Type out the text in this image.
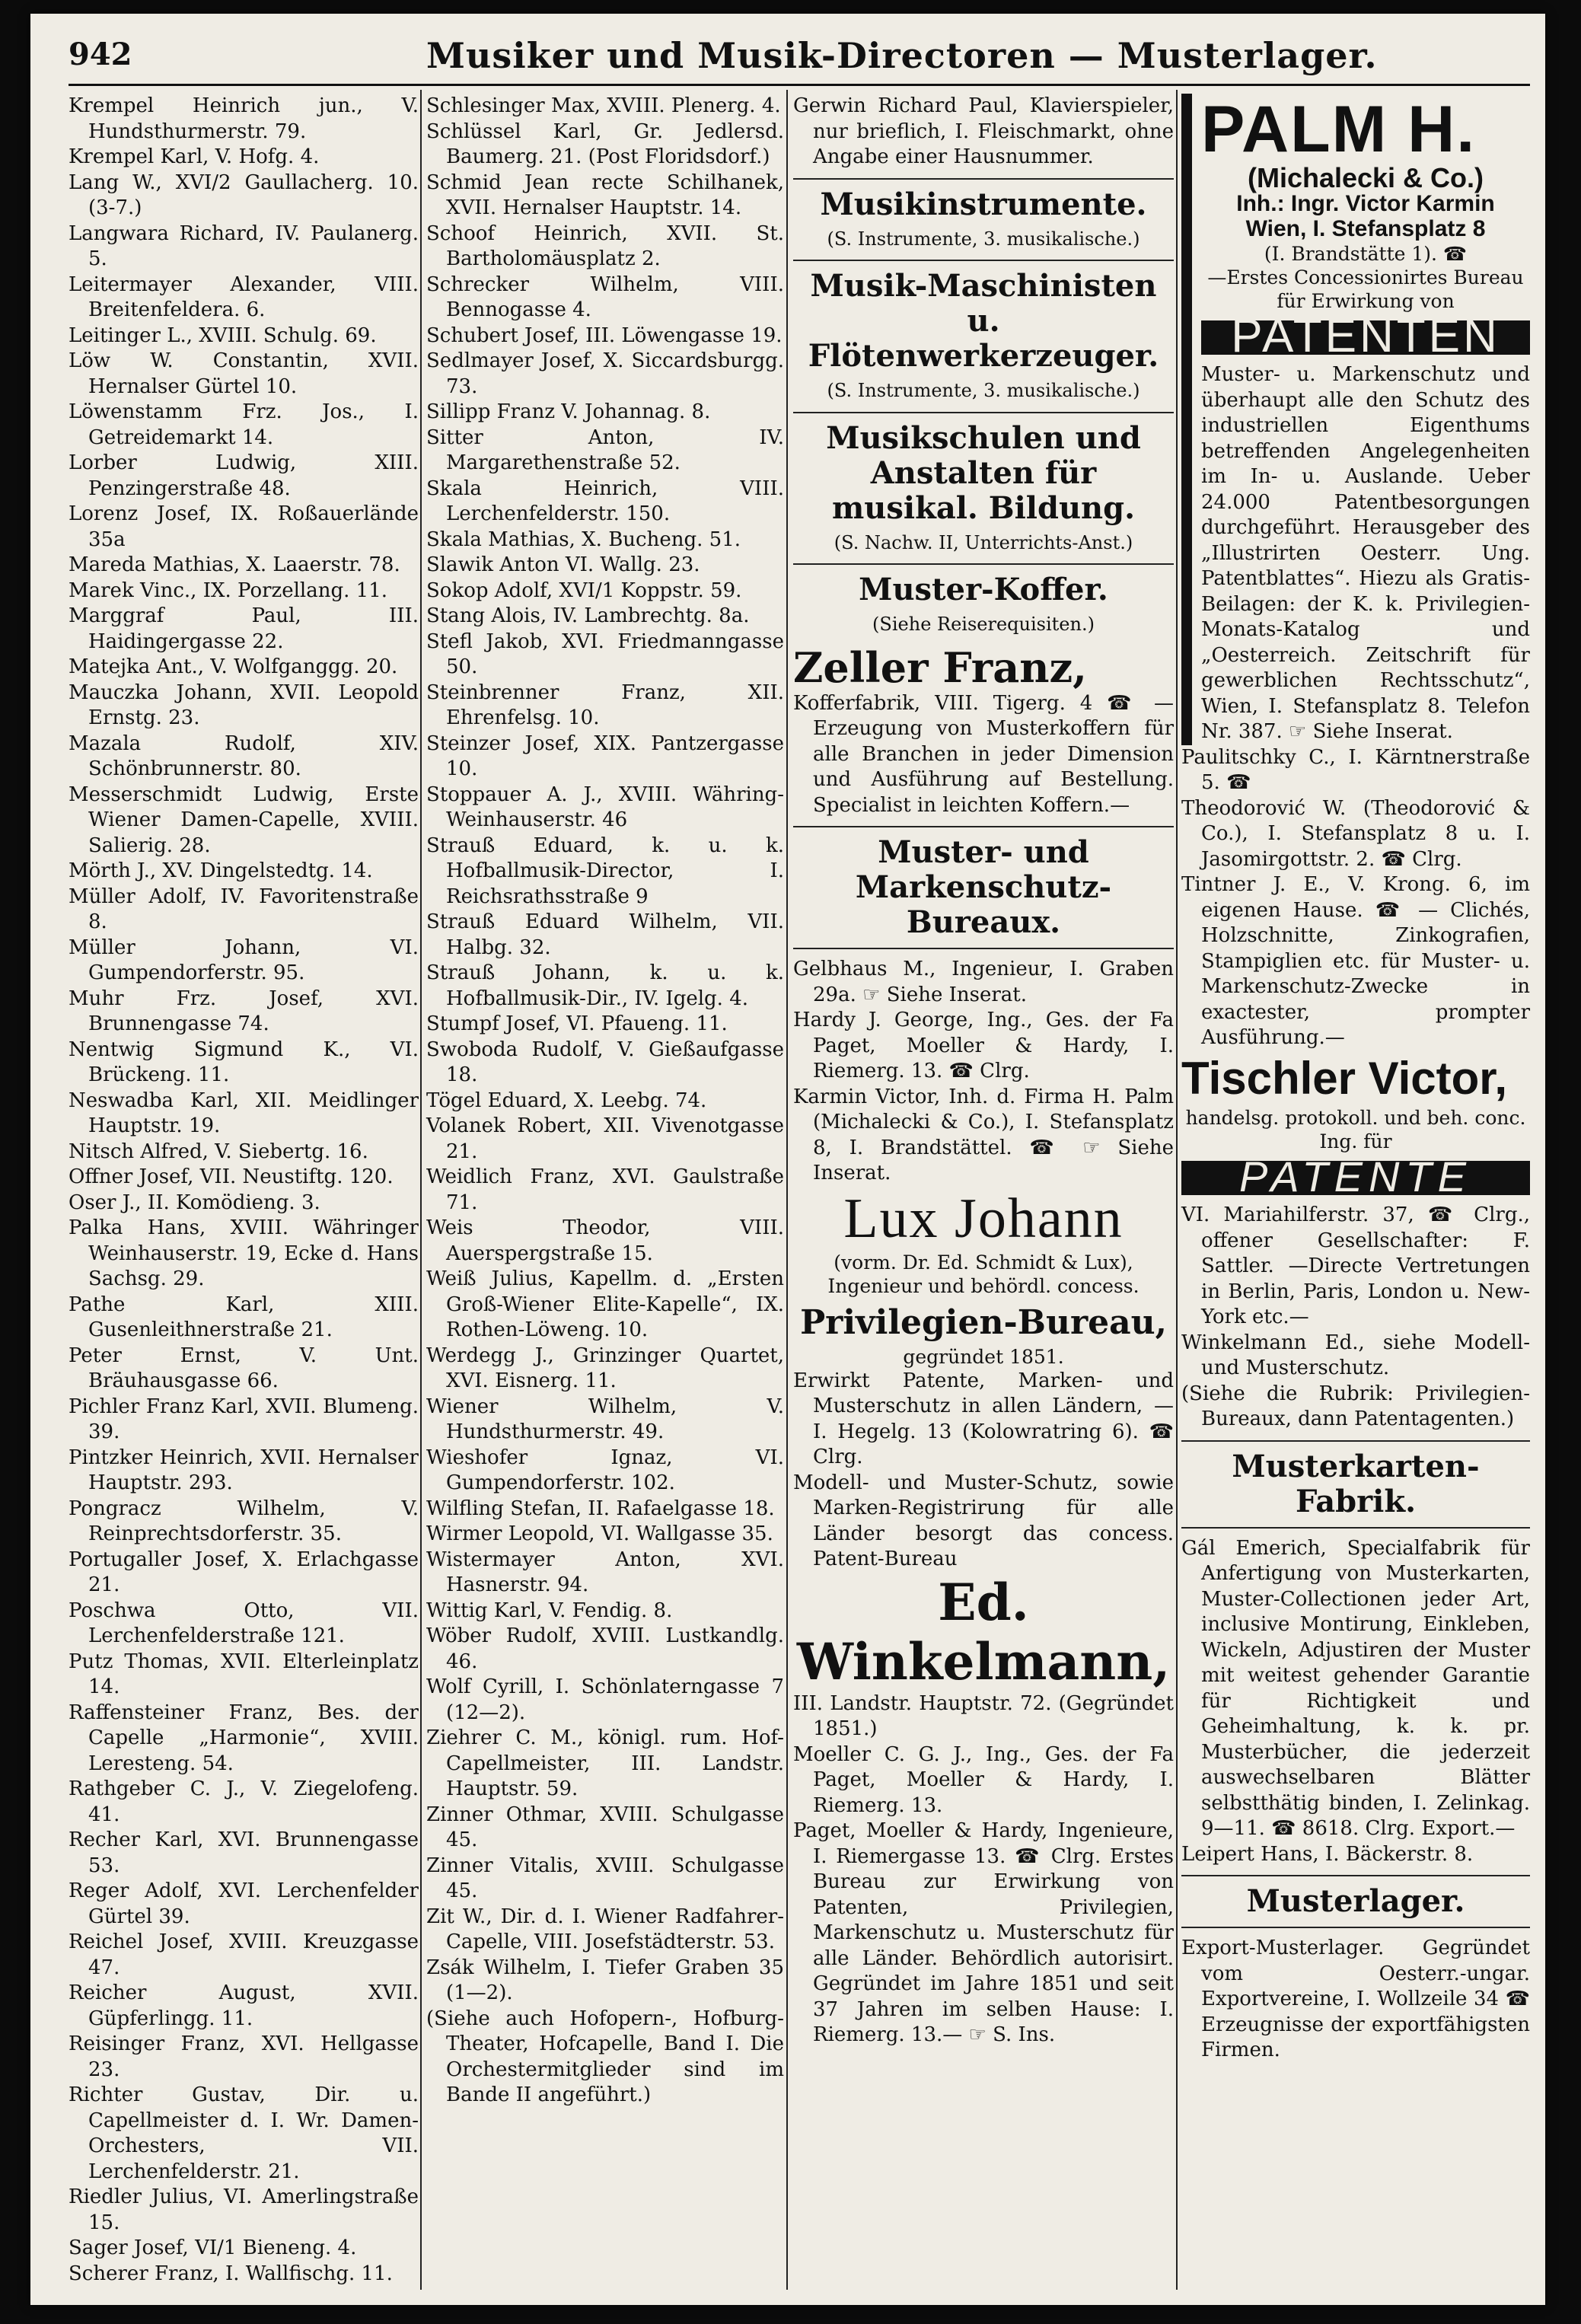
942	Musiker und Musik-Directoren — Musterlager.

Krempel Heinrich jun., V. Hundsthurmerstr. 79.

Krempel Karl, V. Hofg. 4.

Lang W., XVI/2 Gaullacherg. 10. (3-7.)

Langwara Richard, IV. Paulanerg. 5.

Leitermayer Alexander, VIII. Breitenfeldera. 6.

Leitinger L., XVIII. Schulg. 69.

Löw W. Constantin, XVII. Hernalser Gürtel 10.

Löwenstamm Frz. Jos., I. Getreidemarkt 14.

Lorber Ludwig, XIII. Penzingerstraße 48.

Lorenz Josef, IX. Roßauerlände 35a

Mareda Mathias, X. Laaerstr. 78.

Marek Vinc., IX. Porzellang. 11.

Marggraf Paul, III. Haidingergasse 22.

Matejka Ant., V. Wolfganggg. 20.

Mauczka Johann, XVII. Leopold Ernstg. 23.

Mazala Rudolf, XIV. Schönbrunnerstr. 80.

Messerschmidt Ludwig, Erste Wiener Damen-Capelle, XVIII. Salierig. 28.

Mörth J., XV. Dingelstedtg. 14.

Müller Adolf, IV. Favoritenstraße 8.

Müller Johann, VI. Gumpendorferstr. 95.

Muhr Frz. Josef, XVI. Brunnengasse 74.

Nentwig Sigmund K., VI. Brückeng. 11.

Neswadba Karl, XII. Meidlinger Hauptstr. 19.

Nitsch Alfred, V. Siebertg. 16.

Offner Josef, VII. Neustiftg. 120.

Oser J., II. Komödieng. 3.

Palka Hans, XVIII. Währinger Weinhauserstr. 19, Ecke d. Hans Sachsg. 29.

Pathe Karl, XIII. Gusenleithnerstraße 21.

Peter Ernst, V. Unt. Bräuhausgasse 66.

Pichler Franz Karl, XVII. Blumeng. 39.

Pintzker Heinrich, XVII. Hernalser Hauptstr. 293.

Pongracz Wilhelm, V. Reinprechtsdorferstr. 35.

Portugaller Josef, X. Erlachgasse 21.

Poschwa Otto, VII. Lerchenfelderstraße 121.

Putz Thomas, XVII. Elterleinplatz 14.

Raffensteiner Franz, Bes. der Capelle „Harmonie“, XVIII. Leresteng. 54.

Rathgeber C. J., V. Ziegelofeng. 41.

Recher Karl, XVI. Brunnengasse 53.

Reger Adolf, XVI. Lerchenfelder Gürtel 39.

Reichel Josef, XVIII. Kreuzgasse 47.

Reicher August, XVII. Güpferlingg. 11.

Reisinger Franz, XVI. Hellgasse 23.

Richter Gustav, Dir. u. Capellmeister d. I. Wr. Damen-Orchesters, VII. Lerchenfelderstr. 21.

Riedler Julius, VI. Amerlingstraße 15.

Sager Josef, VI/1 Bieneng. 4.

Scherer Franz, I. Wallfischg. 11.

Schlesinger Max, XVIII. Plenerg. 4.

Schlüssel Karl, Gr. Jedlersd. Baumerg. 21. (Post Floridsdorf.)

Schmid Jean recte Schilhanek, XVII. Hernalser Hauptstr. 14.

Schoof Heinrich, XVII. St. Bartholomäusplatz 2.

Schrecker Wilhelm, VIII. Bennogasse 4.

Schubert Josef, III. Löwengasse 19.

Sedlmayer Josef, X. Siccardsburgg. 73.

Sillipp Franz V. Johannag. 8.

Sitter Anton, IV. Margarethenstraße 52.

Skala Heinrich, VIII. Lerchenfelderstr. 150.

Skala Mathias, X. Bucheng. 51.

Slawik Anton VI. Wallg. 23.

Sokop Adolf, XVI/1 Koppstr. 59.

Stang Alois, IV. Lambrechtg. 8a.

Stefl Jakob, XVI. Friedmanngasse 50.

Steinbrenner Franz, XII. Ehrenfelsg. 10.

Steinzer Josef, XIX. Pantzergasse 10.

Stoppauer A. J., XVIII. Währing-Weinhauserstr. 46

Strauß Eduard, k. u. k. Hofballmusik-Director, I. Reichsrathsstraße 9

Strauß Eduard Wilhelm, VII. Halbg. 32.

Strauß Johann, k. u. k. Hofballmusik-Dir., IV. Igelg. 4.

Stumpf Josef, VI. Pfaueng. 11.

Swoboda Rudolf, V. Gießaufgasse 18.

Tögel Eduard, X. Leebg. 74.

Volanek Robert, XII. Vivenotgasse 21.

Weidlich Franz, XVI. Gaulstraße 71.

Weis Theodor, VIII. Auerspergstraße 15.

Weiß Julius, Kapellm. d. „Ersten Groß-Wiener Elite-Kapelle“, IX. Rothen-Löweng. 10.

Werdegg J., Grinzinger Quartet, XVI. Eisnerg. 11.

Wiener Wilhelm, V. Hundsthurmerstr. 49.

Wieshofer Ignaz, VI. Gumpendorferstr. 102.

Wilfling Stefan, II. Rafaelgasse 18.

Wirmer Leopold, VI. Wallgasse 35.

Wistermayer Anton, XVI. Hasnerstr. 94.

Wittig Karl, V. Fendig. 8.

Wöber Rudolf, XVIII. Lustkandlg. 46.

Wolf Cyrill, I. Schönlaterngasse 7 (12—2).

Ziehrer C. M., königl. rum. Hof-Capellmeister, III. Landstr. Hauptstr. 59.

Zinner Othmar, XVIII. Schulgasse 45.

Zinner Vitalis, XVIII. Schulgasse 45.

Zit W., Dir. d. I. Wiener Radfahrer-Capelle, VIII. Josefstädterstr. 53.

Zsák Wilhelm, I. Tiefer Graben 35 (1—2).

(Siehe auch Hofopern-, Hofburg-Theater, Hofcapelle, Band I. Die Orchestermitglieder sind im Bande II angeführt.)

Gerwin Richard Paul, Klavierspieler, nur brieflich, I. Fleischmarkt, ohne Angabe einer Hausnummer.

Musikinstrumente.
(S. Instrumente, 3. musikalische.)
Musik-Maschinisten u. Flötenwerkerzeuger.
(S. Instrumente, 3. musikalische.)
Musikschulen und Anstalten für musikal. Bildung.
(S. Nachw. II, Unterrichts-Anst.)
Muster-Koffer.
(Siehe Reiserequisiten.)
Zeller Franz,

Kofferfabrik, VIII. Tigerg. 4 ☎ —Erzeugung von Musterkoffern für alle Branchen in jeder Dimension und Ausführung auf Bestellung. Specialist in leichten Koffern.—

Muster- und Markenschutz-Bureaux.

Gelbhaus M., Ingenieur, I. Graben 29a. ☞ Siehe Inserat.

Hardy J. George, Ing., Ges. der Fa Paget, Moeller & Hardy, I. Riemerg. 13. ☎ Clrg.

Karmin Victor, Inh. d. Firma H. Palm (Michalecki & Co.), I. Stefansplatz 8, I. Brandstättel. ☎ ☞ Siehe Inserat.

Lux Johann
(vorm. Dr. Ed. Schmidt & Lux), Ingenieur und behördl. concess.
Privilegien-Bureau,
gegründet 1851.

Erwirkt Patente, Marken- und Musterschutz in allen Ländern, — I. Hegelg. 13 (Kolowratring 6). ☎ Clrg.

Modell- und Muster-Schutz, sowie Marken-Registrirung für alle Länder besorgt das concess. Patent-Bureau

Ed. Winkelmann,

III. Landstr. Hauptstr. 72. (Gegründet 1851.)

Moeller C. G. J., Ing., Ges. der Fa Paget, Moeller & Hardy, I. Riemerg. 13.

Paget, Moeller & Hardy, Ingenieure, I. Riemergasse 13. ☎ Clrg. Erstes Bureau zur Erwirkung von Patenten, Privilegien, Markenschutz u. Musterschutz für alle Länder. Behördlich autorisirt. Gegründet im Jahre 1851 und seit 37 Jahren im selben Hause: I. Riemerg. 13.— ☞ S. Ins.

PALM H.
(Michalecki & Co.)
Inh.: Ingr. Victor Karmin
Wien, I. Stefansplatz 8
(I. Brandstätte 1). ☎
—Erstes Concessionirtes Bureau für Erwirkung von
PATENTEN

Muster- u. Markenschutz und überhaupt alle den Schutz des industriellen Eigenthums betreffenden Angelegenheiten im In- u. Auslande. Ueber 24.000 Patentbesorgungen durchgeführt. Herausgeber des „Illustrirten Oesterr. Ung. Patentblattes“. Hiezu als Gratis-Beilagen: der K. k. Privilegien-Monats-Katalog und „Oesterreich. Zeitschrift für gewerblichen Rechtsschutz“, Wien, I. Stefansplatz 8. Telefon Nr. 387. ☞ Siehe Inserat.

Paulitschky C., I. Kärntnerstraße 5. ☎

Theodorović W. (Theodorović & Co.), I. Stefansplatz 8 u. I. Jasomirgottstr. 2. ☎ Clrg.

Tintner J. E., V. Krong. 6, im eigenen Hause. ☎ — Clichés, Holzschnitte, Zinkografien, Stampiglien etc. für Muster- u. Markenschutz-Zwecke in exactester, prompter Ausführung.—

Tischler Victor,
handelsg. protokoll. und beh. conc. Ing. für
PATENTE

VI. Mariahilferstr. 37, ☎ Clrg., offener Gesellschafter: F. Sattler. —Directe Vertretungen in Berlin, Paris, London u. New-York etc.—

Winkelmann Ed., siehe Modell- und Musterschutz.

(Siehe die Rubrik: Privilegien-Bureaux, dann Patentagenten.)

Musterkarten-Fabrik.

Gál Emerich, Specialfabrik für Anfertigung von Musterkarten, Muster-Collectionen jeder Art, inclusive Montirung, Einkleben, Wickeln, Adjustiren der Muster mit weitest gehender Garantie für Richtigkeit und Geheimhaltung, k. k. pr. Musterbücher, die jederzeit auswechselbaren Blätter selbstthätig binden, I. Zelinkag. 9—11. ☎ 8618. Clrg. Export.—

Leipert Hans, I. Bäckerstr. 8.

Musterlager.

Export-Musterlager. Gegründet vom Oesterr.-ungar. Exportvereine, I. Wollzeile 34 ☎ Erzeugnisse der exportfähigsten Firmen.
